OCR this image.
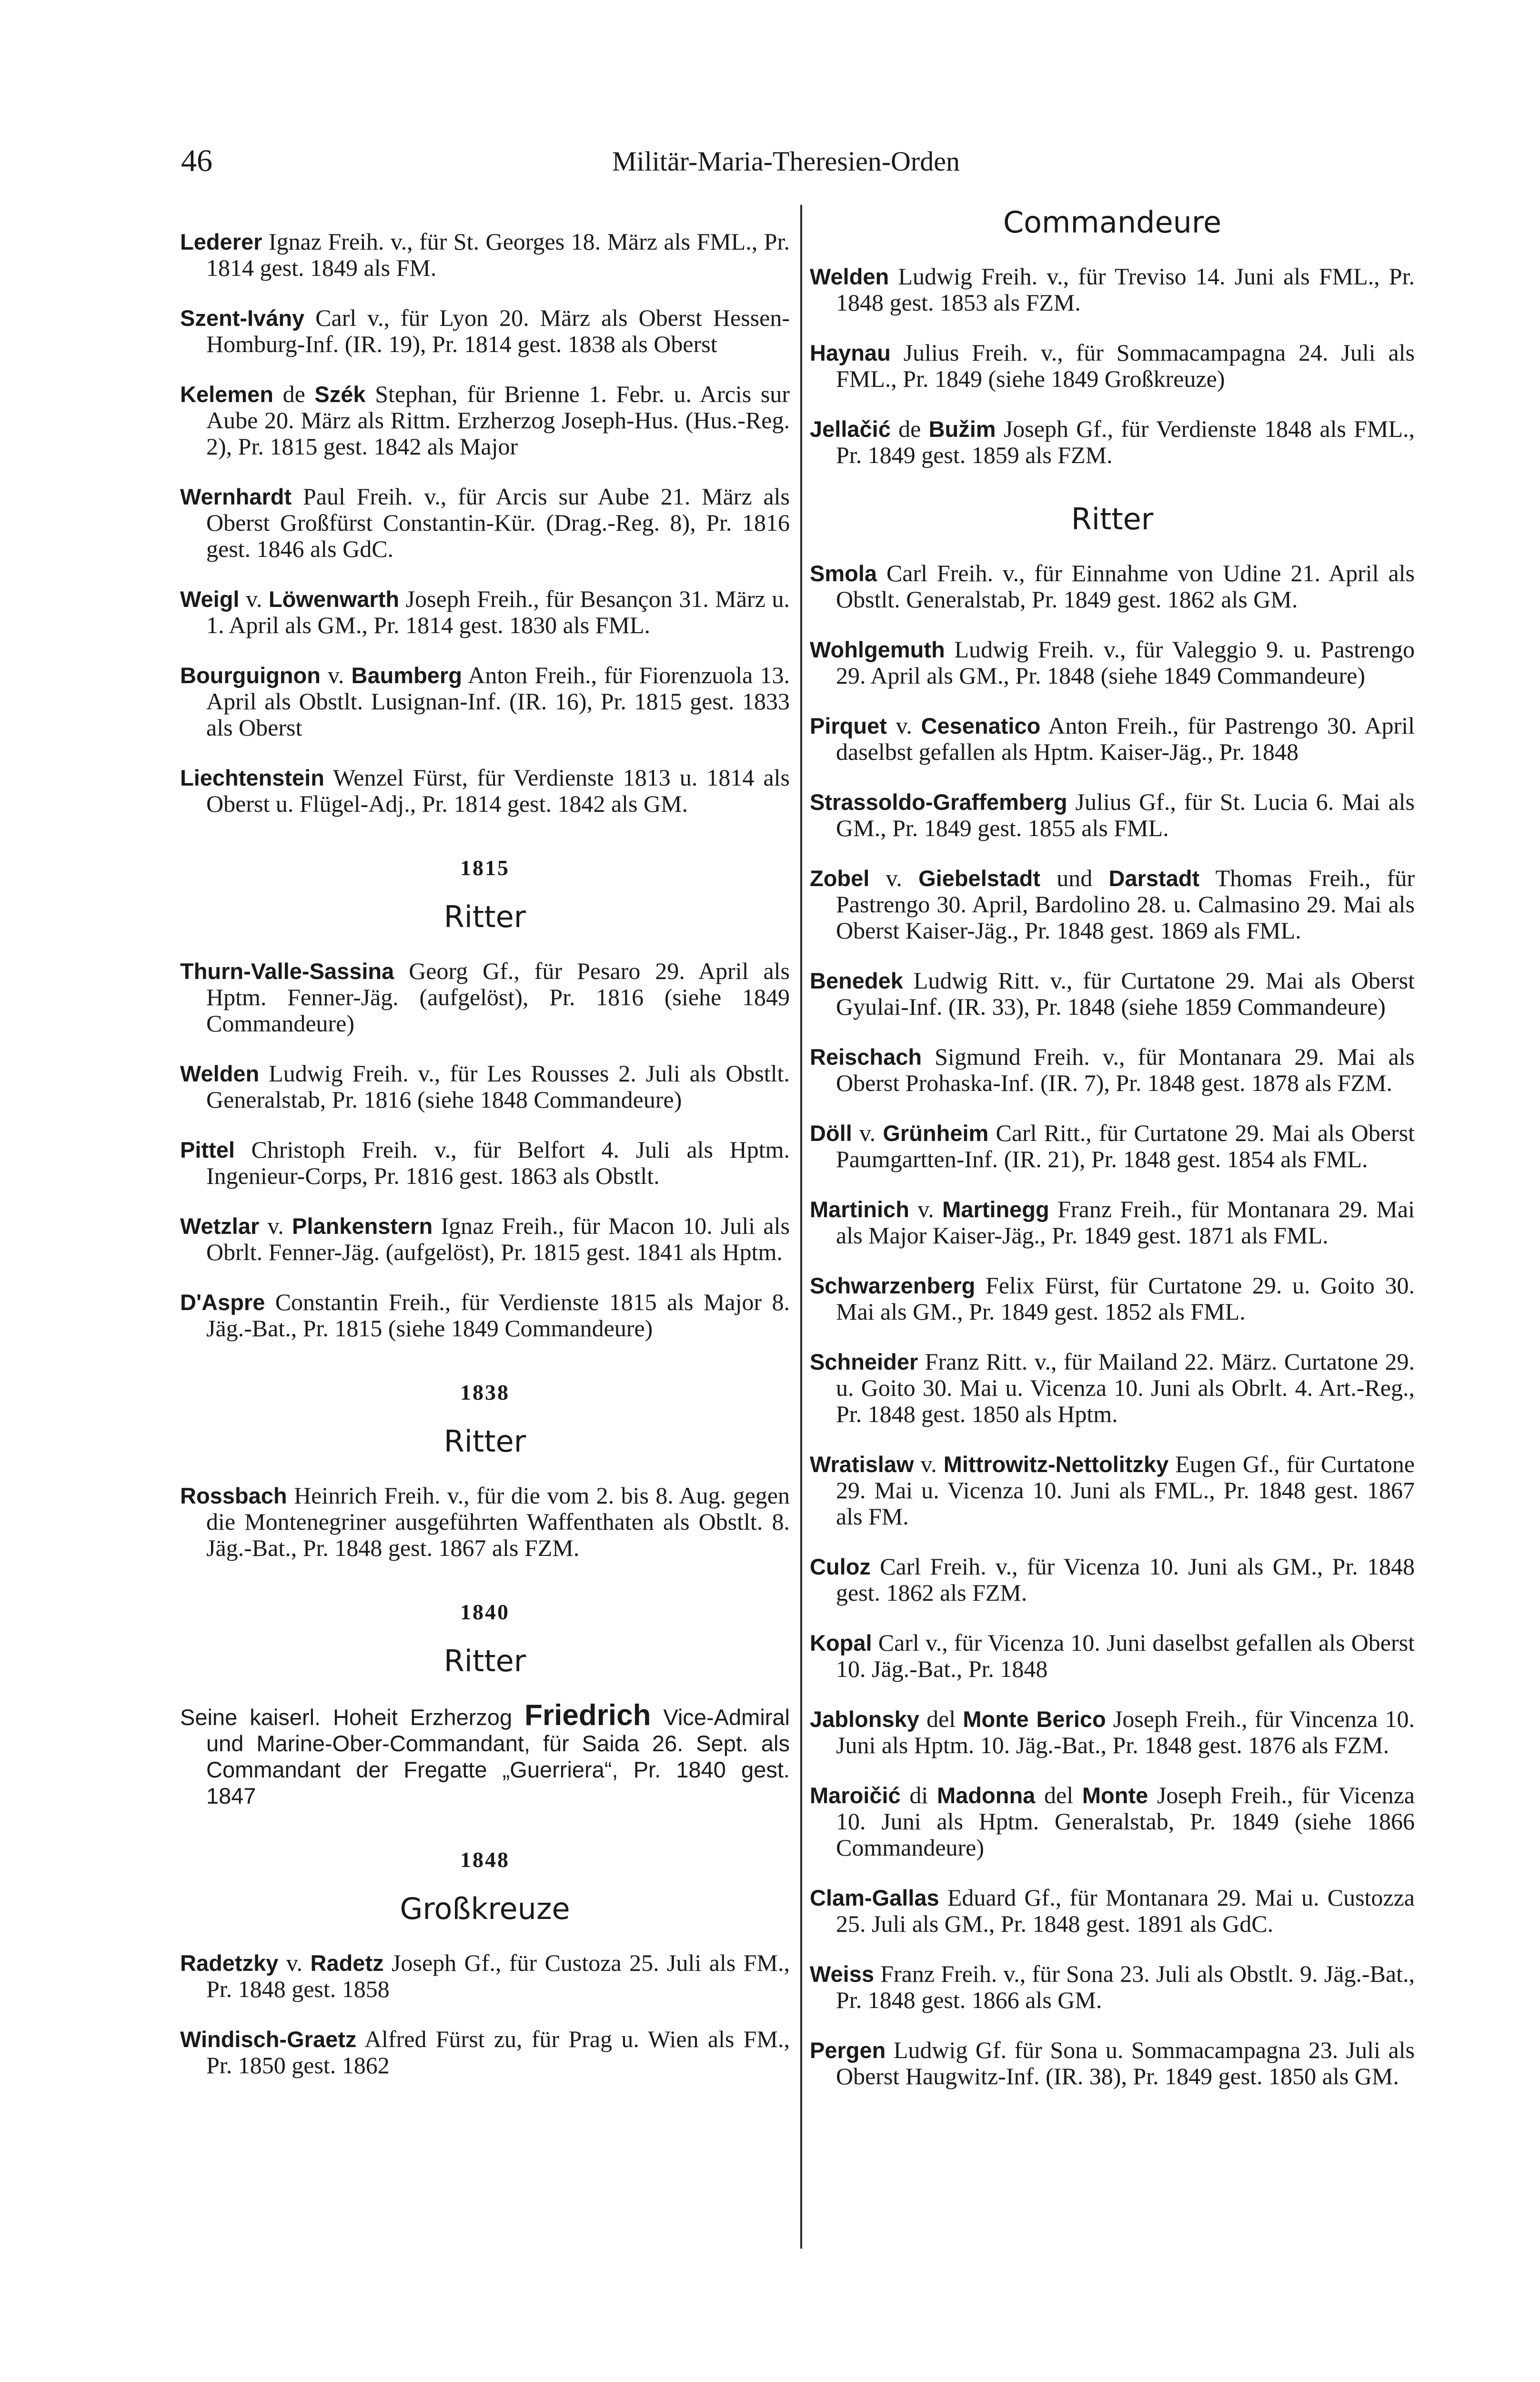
46	Militär-Maria-Theresien-Orden

Lederer Ignaz Freih. v., für St. Georges 18. März als FML., Pr. 1814 gest. 1849 als FM.

Szent-Ivány Carl v., für Lyon 20. März als Oberst Hessen-Homburg-Inf. (IR. 19), Pr. 1814 gest. 1838 als Oberst

Kelemen de Szék Stephan, für Brienne 1. Febr. u. Arcis sur Aube 20. März als Rittm. Erzherzog Joseph-Hus. (Hus.-Reg. 2), Pr. 1815 gest. 1842 als Major

Wernhardt Paul Freih. v., für Arcis sur Aube 21. März als Oberst Großfürst Constantin-Kür. (Drag.-Reg. 8), Pr. 1816 gest. 1846 als GdC.

Weigl v. Löwenwarth Joseph Freih., für Besançon 31. März u. 1. April als GM., Pr. 1814 gest. 1830 als FML.

Bourguignon v. Baumberg Anton Freih., für Fiorenzuola 13. April als Obstlt. Lusignan-Inf. (IR. 16), Pr. 1815 gest. 1833 als Oberst

Liechtenstein Wenzel Fürst, für Verdienste 1813 u. 1814 als Oberst u. Flügel-Adj., Pr. 1814 gest. 1842 als GM.

1815
Ritter

Thurn-Valle-Sassina Georg Gf., für Pesaro 29. April als Hptm. Fenner-Jäg. (aufgelöst), Pr. 1816 (siehe 1849 Commandeure)

Welden Ludwig Freih. v., für Les Rousses 2. Juli als Obstlt. Generalstab, Pr. 1816 (siehe 1848 Commandeure)

Pittel Christoph Freih. v., für Belfort 4. Juli als Hptm. Ingenieur-Corps, Pr. 1816 gest. 1863 als Obstlt.

Wetzlar v. Plankenstern Ignaz Freih., für Macon 10. Juli als Obrlt. Fenner-Jäg. (aufgelöst), Pr. 1815 gest. 1841 als Hptm.

D'Aspre Constantin Freih., für Verdienste 1815 als Major 8. Jäg.-Bat., Pr. 1815 (siehe 1849 Commandeure)

1838
Ritter

Rossbach Heinrich Freih. v., für die vom 2. bis 8. Aug. gegen die Montenegriner ausgeführten Waffenthaten als Obstlt. 8. Jäg.-Bat., Pr. 1848 gest. 1867 als FZM.

1840
Ritter

Seine kaiserl. Hoheit Erzherzog Friedrich Vice-Admiral und Marine-Ober-Commandant, für Saida 26. Sept. als Commandant der Fregatte „Guerriera“, Pr. 1840 gest. 1847

1848
Großkreuze

Radetzky v. Radetz Joseph Gf., für Custoza 25. Juli als FM., Pr. 1848 gest. 1858

Windisch-Graetz Alfred Fürst zu, für Prag u. Wien als FM., Pr. 1850 gest. 1862

Commandeure

Welden Ludwig Freih. v., für Treviso 14. Juni als FML., Pr. 1848 gest. 1853 als FZM.

Haynau Julius Freih. v., für Sommacampagna 24. Juli als FML., Pr. 1849 (siehe 1849 Großkreuze)

Jellačić de Bužim Joseph Gf., für Verdienste 1848 als FML., Pr. 1849 gest. 1859 als FZM.

Ritter

Smola Carl Freih. v., für Einnahme von Udine 21. April als Obstlt. Generalstab, Pr. 1849 gest. 1862 als GM.

Wohlgemuth Ludwig Freih. v., für Valeggio 9. u. Pastrengo 29. April als GM., Pr. 1848 (siehe 1849 Commandeure)

Pirquet v. Cesenatico Anton Freih., für Pastrengo 30. April daselbst gefallen als Hptm. Kaiser-Jäg., Pr. 1848

Strassoldo-Graffemberg Julius Gf., für St. Lucia 6. Mai als GM., Pr. 1849 gest. 1855 als FML.

Zobel v. Giebelstadt und Darstadt Thomas Freih., für Pastrengo 30. April, Bardolino 28. u. Calmasino 29. Mai als Oberst Kaiser-Jäg., Pr. 1848 gest. 1869 als FML.

Benedek Ludwig Ritt. v., für Curtatone 29. Mai als Oberst Gyulai-Inf. (IR. 33), Pr. 1848 (siehe 1859 Commandeure)

Reischach Sigmund Freih. v., für Montanara 29. Mai als Oberst Prohaska-Inf. (IR. 7), Pr. 1848 gest. 1878 als FZM.

Döll v. Grünheim Carl Ritt., für Curtatone 29. Mai als Oberst Paumgartten-Inf. (IR. 21), Pr. 1848 gest. 1854 als FML.

Martinich v. Martinegg Franz Freih., für Montanara 29. Mai als Major Kaiser-Jäg., Pr. 1849 gest. 1871 als FML.

Schwarzenberg Felix Fürst, für Curtatone 29. u. Goito 30. Mai als GM., Pr. 1849 gest. 1852 als FML.

Schneider Franz Ritt. v., für Mailand 22. März. Curtatone 29. u. Goito 30. Mai u. Vicenza 10. Juni als Obrlt. 4. Art.-Reg., Pr. 1848 gest. 1850 als Hptm.

Wratislaw v. Mittrowitz-Nettolitzky Eugen Gf., für Curtatone 29. Mai u. Vicenza 10. Juni als FML., Pr. 1848 gest. 1867 als FM.

Culoz Carl Freih. v., für Vicenza 10. Juni als GM., Pr. 1848 gest. 1862 als FZM.

Kopal Carl v., für Vicenza 10. Juni daselbst gefallen als Oberst 10. Jäg.-Bat., Pr. 1848

Jablonsky del Monte Berico Joseph Freih., für Vincenza 10. Juni als Hptm. 10. Jäg.-Bat., Pr. 1848 gest. 1876 als FZM.

Maroičić di Madonna del Monte Joseph Freih., für Vicenza 10. Juni als Hptm. Generalstab, Pr. 1849 (siehe 1866 Commandeure)

Clam-Gallas Eduard Gf., für Montanara 29. Mai u. Custozza 25. Juli als GM., Pr. 1848 gest. 1891 als GdC.

Weiss Franz Freih. v., für Sona 23. Juli als Obstlt. 9. Jäg.-Bat., Pr. 1848 gest. 1866 als GM.

Pergen Ludwig Gf. für Sona u. Sommacampagna 23. Juli als Oberst Haugwitz-Inf. (IR. 38), Pr. 1849 gest. 1850 als GM.
